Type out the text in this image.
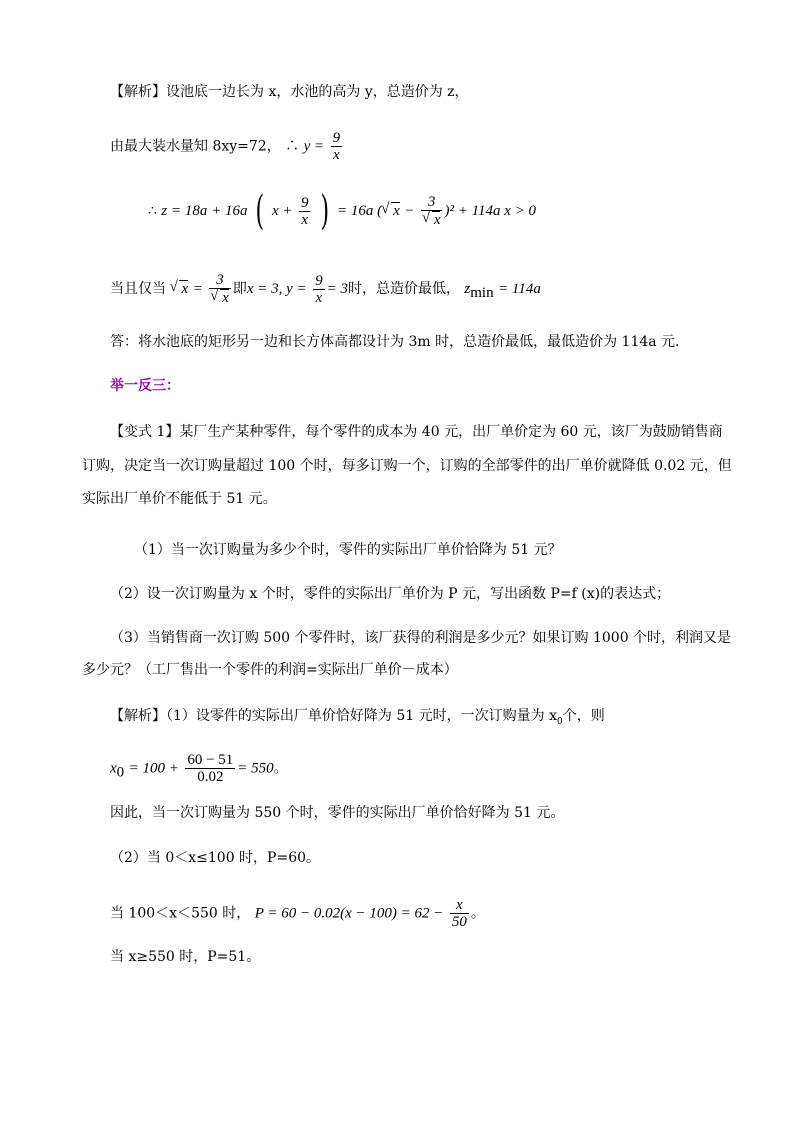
【解析】设池底一边长为 x，水池的高为 y，总造价为 z，
由最大装水量知 8xy=72， ∴ $y = \frac{9}{x}$
∴ z = 18a + 16a ( $x + \frac{9}{x}$ ) = 16a ( √ x − 3
√ x )² + 114a x > 0
当且仅当 √ x = 3
√ x 即x = 3, $y = \frac{9}{x} = 3$时，总造价最低， $z_{min} = 114a$
答：将水池底的矩形另一边和长方体高都设计为 3m 时，总造价最低，最低造价为 114a 元．
举一反三：
【变式 1】某厂生产某种零件，每个零件的成本为 40 元，出厂单价定为 60 元，该厂为鼓励销售商
订购，决定当一次订购量超过 100 个时，每多订购一个，订购的全部零件的出厂单价就降低 0.02 元，但
实际出厂单价不能低于 51 元。
（1）当一次订购量为多少个时，零件的实际出厂单价恰降为 51 元？
（2）设一次订购量为 x 个时，零件的实际出厂单价为 P 元，写出函数 P=f (x)的表达式；
（3）当销售商一次订购 500 个零件时，该厂获得的利润是多少元？如果订购 1000 个时，利润又是
多少元？（工厂售出一个零件的利润=实际出厂单价－成本）
【解析】（1）设零件的实际出厂单价恰好降为 51 元时，一次订购量为 $x_0$个，则
$x_0 = 100 + \frac{60 - 51}{0.02} = 550$。
因此，当一次订购量为 550 个时，零件的实际出厂单价恰好降为 51 元。
（2）当 0＜x≤100 时，P=60。
当 100＜x＜550 时， $P = 60 - 0.02(x - 100) = 62 - \frac{x}{50}$ 。
当 x≥550 时，P=51。
